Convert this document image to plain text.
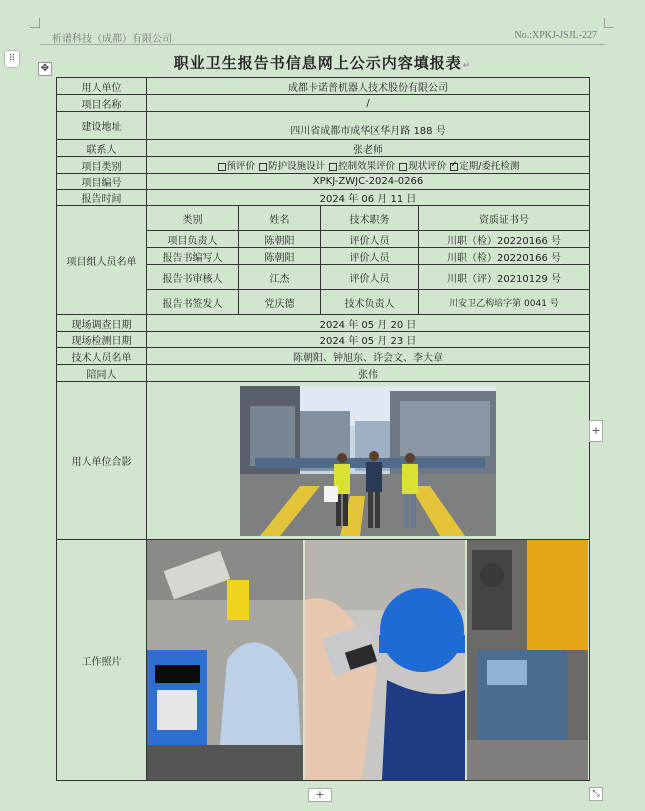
析谱科技（成都）有限公司	No.:XPKJ-JSJL-227
⠿
✥	职业卫生报告书信息网上公示内容填报表↵
用人单位	成都卡诺普机器人技术股份有限公司			
项目名称	/			
建设地址	四川省成都市成华区华月路 188 号			
联系人	张老师			
项目类别	预评价 防护设施设计 控制效果评价 现状评价 ✓ 定期/委托检测
项目编号	XPKJ-ZWJC-2024-0266			
报告时间	2024 年 06 月 11 日			
项目组人员名单	类别	姓名	技术职务	资质证书号
	项目负责人	陈朝阳	评价人员	川职（检）20220166 号
	报告书编写人	陈朝阳	评价人员	川职（检）20220166 号
	报告书审核人	江杰	评价人员	川职（评）20210129 号
	报告书签发人	党庆德	技术负责人	川安卫乙构培字第 0041 号
现场调查日期	2024 年 05 月 20 日			
现场检测日期	2024 年 05 月 23 日			
技术人员名单	陈朝阳、钟旭东、许会文、李大章			
陪同人	张伟			
用人单位合影	

工作照片	
+
+	⤡
